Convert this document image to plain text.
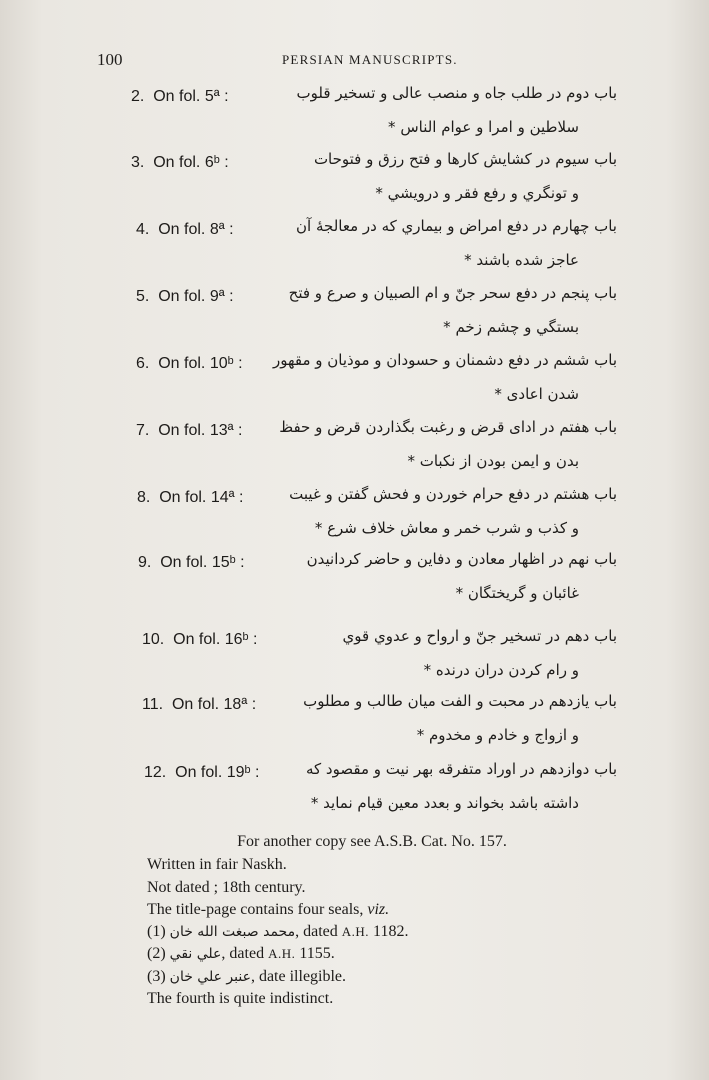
100	PERSIAN MANUSCRIPTS.
2. On fol. 5ª :	باب دوم در طلب جاه و منصب عالی و تسخیر قلوب
سلاطین و امرا و عوام الناس *
3. On fol. 6ᵇ :	باب سیوم در کشایش کارها و فتح رزق و فتوحات
و تونگري و رفع فقر و درویشي *
4. On fol. 8ª :	باب چهارم در دفع امراض و بیماري که در معالجۀ آن
عاجز شده باشند *
5. On fol. 9ª :	باب پنجم در دفع سحر جنّ و ام الصبیان و صرع و فتح
بستگي و چشم زخم *
6. On fol. 10ᵇ : باب ششم در دفع دشمنان و حسودان و موذیان و مقهور
شدن اعادی *
7. On fol. 13ª : باب هفتم در ادای قرض و رغبت بگذاردن قرض و حفظ
بدن و ایمن بودن از نکبات *
8. On fol. 14ª :	باب هشتم در دفع حرام خوردن و فحش گفتن و غیبت
و کذب و شرب خمر و معاش خلاف شرع *
9. On fol. 15ᵇ :	باب نهم در اظهار معادن و دفاین و حاضر کردانیدن
غائبان و گریختگان *
10. On fol. 16ᵇ :	باب دهم در تسخیر جنّ و ارواح و عدوي قوي
و رام کردن دران درنده *
11. On fol. 18ª :	باب یازدهم در محبت و الفت میان طالب و مطلوب
و ازواج و خادم و مخدوم *
12. On fol. 19ᵇ :	باب دوازدهم در اوراد متفرقه بهر نیت و مقصود که
داشته باشد بخواند و بعدد معین قیام نماید *
For another copy see A.S.B. Cat. No. 157.
Written in fair Naskh.
Not dated ; 18th century.
The title-page contains four seals, viz.
(1) محمد صبغت الله خان, dated A.H. 1182.
(2) علي نقي, dated A.H. 1155.
(3) عنبر علي خان, date illegible.
The fourth is quite indistinct.
